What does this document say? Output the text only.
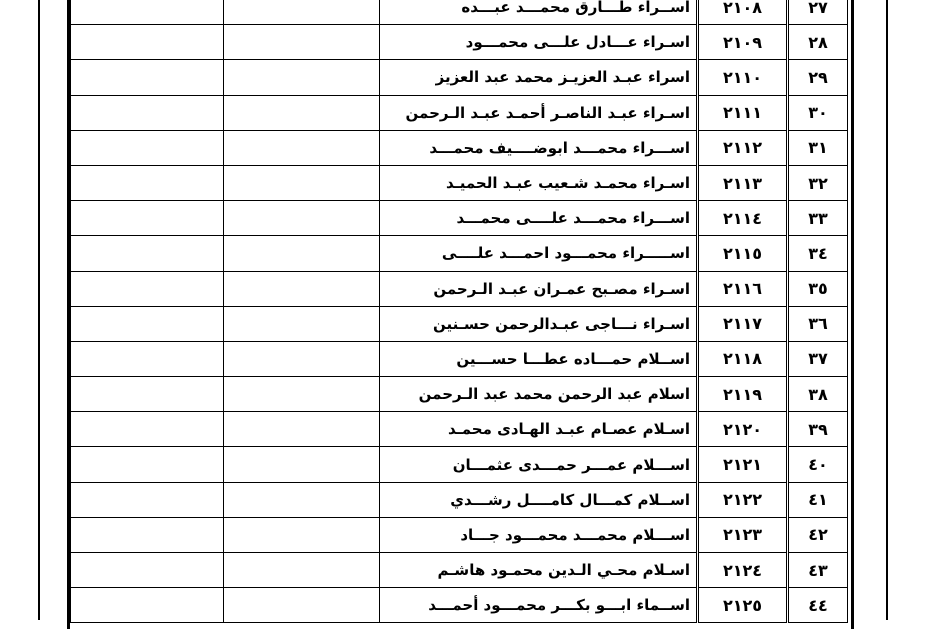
٢٧	٢١٠٨	اســراء طـــارق محمـــد عبـــده		
٢٨	٢١٠٩	اسـراء عـــادل علـــى محمـــود		
٢٩	٢١١٠	اسراء عبـد العزيـز محمد عبد العزيز		
٣٠	٢١١١	اسـراء عبـد الناصـر أحمـد عبـد الـرحمن		
٣١	٢١١٢	اســـراء محمـــد ابوضــــيف محمـــد		
٣٢	٢١١٣	اسـراء محمـد شـعيب عبـد الحميـد		
٣٣	٢١١٤	اســـراء محمـــد علــــى محمـــد		
٣٤	٢١١٥	اســـــراء محمـــود احمـــد علــــى		
٣٥	٢١١٦	اسـراء مصـبح عمـران عبـد الـرحمن		
٣٦	٢١١٧	اسـراء نـــاجى عبـدالرحمن حسـنين		
٣٧	٢١١٨	اســلام حمـــاده عطـــا حســـين		
٣٨	٢١١٩	اسلام عبد الرحمن محمد عبد الـرحمن		
٣٩	٢١٢٠	اسـلام عصـام عبـد الهـادى محمـد		
٤٠	٢١٢١	اســـلام عمـــر حمـــدى عثمـــان		
٤١	٢١٢٢	اســلام كمـــال كامــــل رشـــدي		
٤٢	٢١٢٣	اســـلام محمـــد محمـــود جـــاد		
٤٣	٢١٢٤	اسـلام محـي الـدين محمـود هاشـم		
٤٤	٢١٢٥	اســماء ابـــو بكـــر محمـــود أحمـــد		
